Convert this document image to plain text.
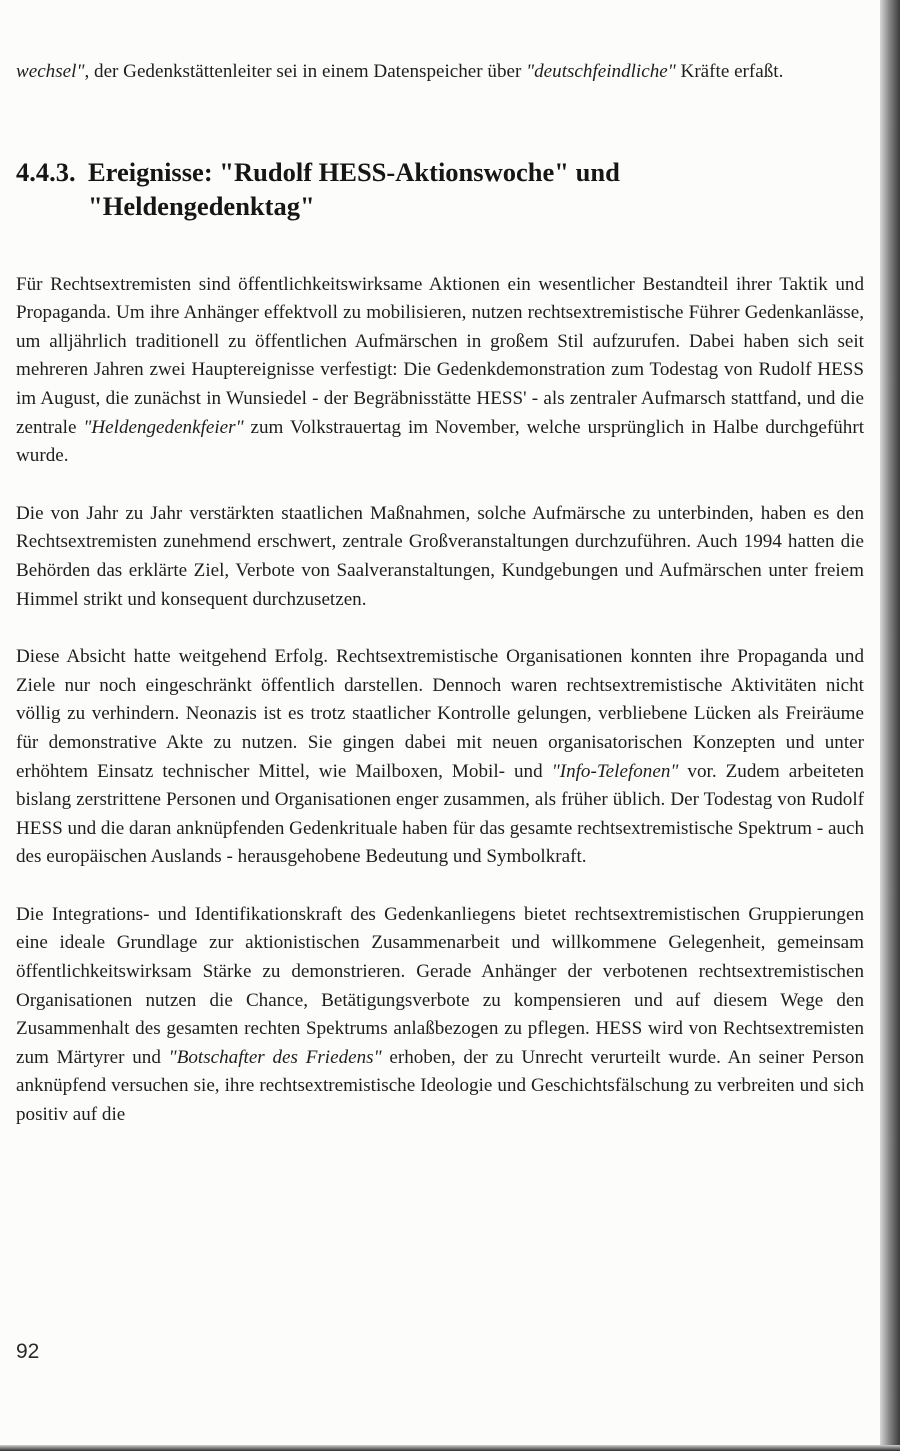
wechsel", der Gedenkstättenleiter sei in einem Datenspeicher über "deutschfeindliche" Kräfte erfaßt.

4.4.3. Ereignisse: "Rudolf HESS-Aktionswoche" und
"Heldengedenktag"

Für Rechtsextremisten sind öffentlichkeitswirksame Aktionen ein wesentlicher Bestandteil ihrer Taktik und Propaganda. Um ihre Anhänger effektvoll zu mobilisieren, nutzen rechtsextremistische Führer Gedenkanlässe, um alljährlich traditionell zu öffentlichen Aufmärschen in großem Stil aufzurufen. Dabei haben sich seit mehreren Jahren zwei Hauptereignisse verfestigt: Die Gedenkdemonstration zum Todestag von Rudolf HESS im August, die zunächst in Wunsiedel - der Begräbnisstätte HESS' - als zentraler Aufmarsch stattfand, und die zentrale "Heldengedenkfeier" zum Volkstrauertag im November, welche ursprünglich in Halbe durchgeführt wurde.

Die von Jahr zu Jahr verstärkten staatlichen Maßnahmen, solche Aufmärsche zu unterbinden, haben es den Rechtsextremisten zunehmend erschwert, zentrale Großveranstaltungen durchzuführen. Auch 1994 hatten die Behörden das erklärte Ziel, Verbote von Saalveranstaltungen, Kundgebungen und Aufmärschen unter freiem Himmel strikt und konsequent durchzusetzen.

Diese Absicht hatte weitgehend Erfolg. Rechtsextremistische Organisationen konnten ihre Propaganda und Ziele nur noch eingeschränkt öffentlich darstellen. Dennoch waren rechtsextremistische Aktivitäten nicht völlig zu verhindern. Neonazis ist es trotz staatlicher Kontrolle gelungen, verbliebene Lücken als Freiräume für demonstrative Akte zu nutzen. Sie gingen dabei mit neuen organisatorischen Konzepten und unter erhöhtem Einsatz technischer Mittel, wie Mailboxen, Mobil- und "Info-Telefonen" vor. Zudem arbeiteten bislang zerstrittene Personen und Organisationen enger zusammen, als früher üblich. Der Todestag von Rudolf HESS und die daran anknüpfenden Gedenkrituale haben für das gesamte rechtsextremistische Spektrum - auch des europäischen Auslands - herausgehobene Bedeutung und Symbolkraft.

Die Integrations- und Identifikationskraft des Gedenkanliegens bietet rechtsextremistischen Gruppierungen eine ideale Grundlage zur aktionistischen Zusammenarbeit und willkommene Gelegenheit, gemeinsam öffentlichkeitswirksam Stärke zu demonstrieren. Gerade Anhänger der verbotenen rechtsextremistischen Organisationen nutzen die Chance, Betätigungsverbote zu kompensieren und auf diesem Wege den Zusammenhalt des gesamten rechten Spektrums anlaßbezogen zu pflegen. HESS wird von Rechtsextremisten zum Märtyrer und "Botschafter des Friedens" erhoben, der zu Unrecht verurteilt wurde. An seiner Person anknüpfend versuchen sie, ihre rechtsextremistische Ideologie und Geschichtsfälschung zu verbreiten und sich positiv auf die

92
